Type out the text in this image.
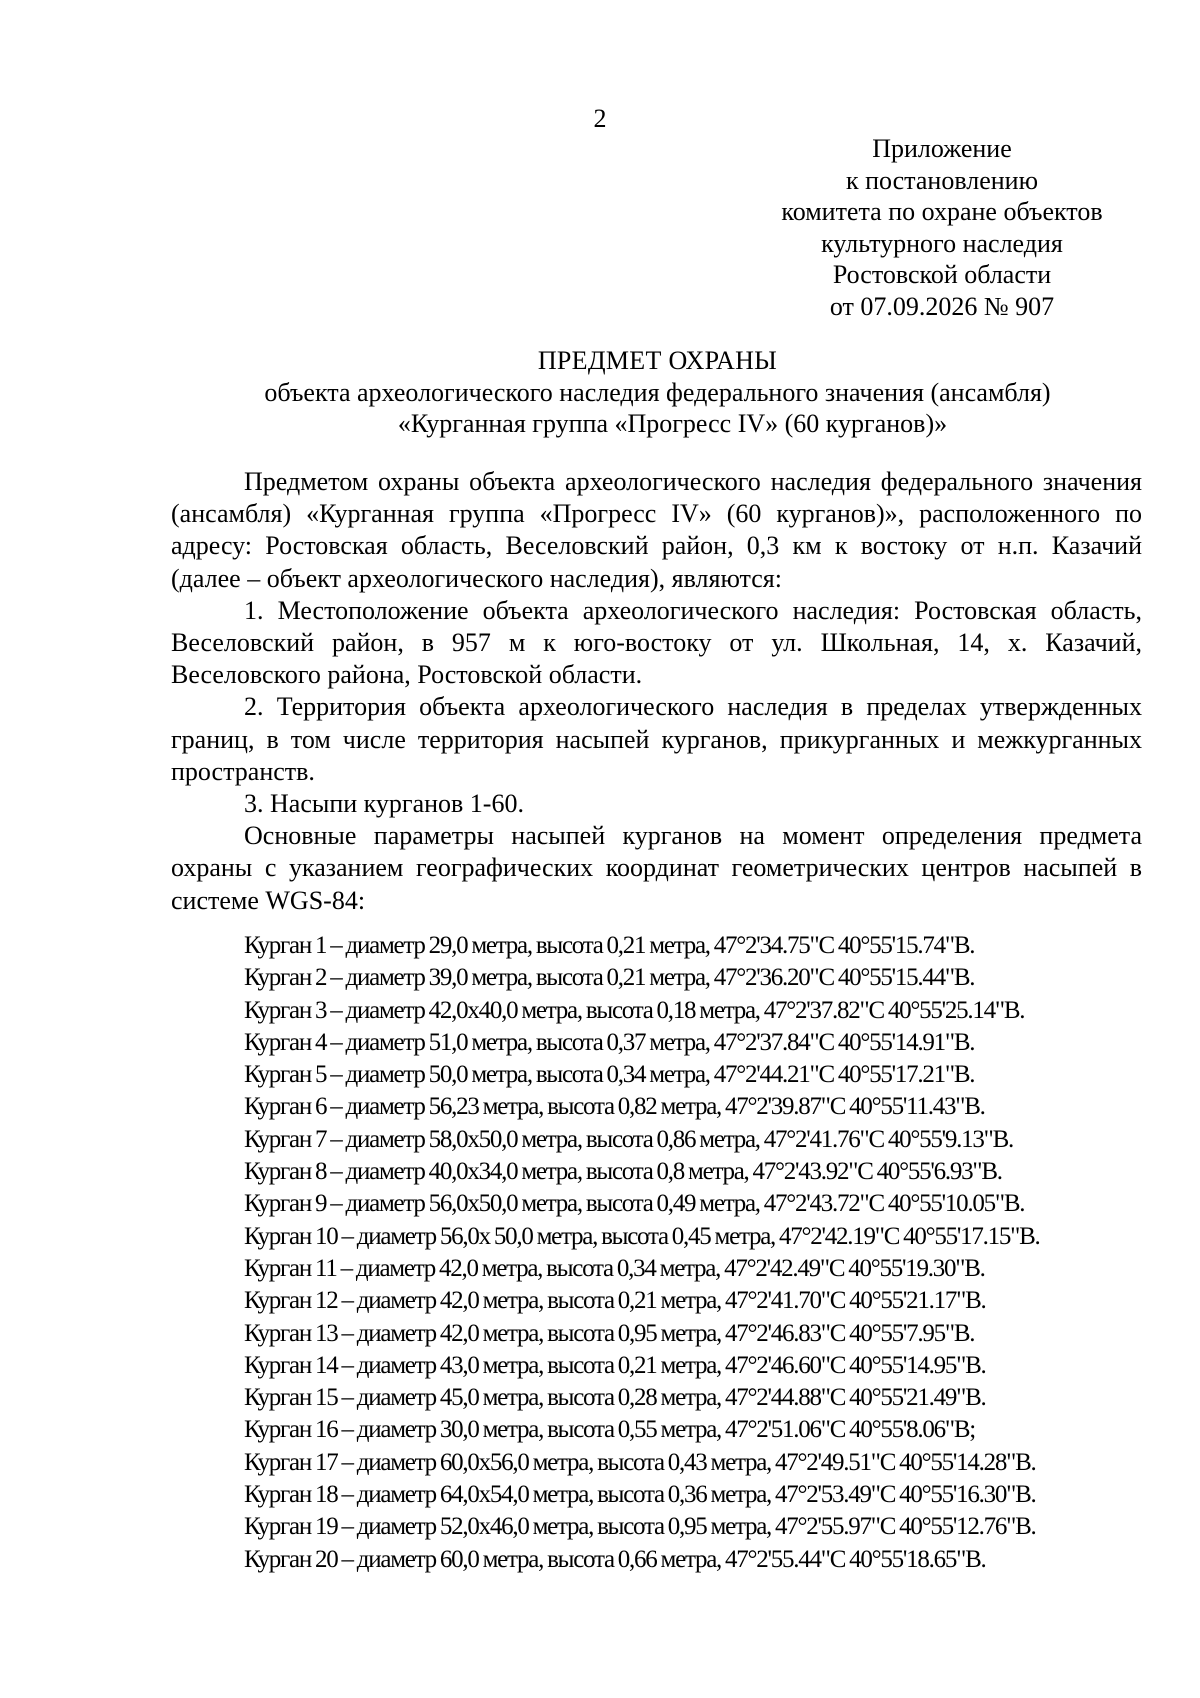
2
Приложение
к постановлению
комитета по охране объектов
культурного наследия
Ростовской области
от 07.09.2026 № 907
ПРЕДМЕТ ОХРАНЫ
объекта археологического наследия федерального значения (ансамбля)
«Курганная группа «Прогресс IV» (60 курганов)»

Предметом охраны объекта археологического наследия федерального значения (ансамбля) «Курганная группа «Прогресс IV» (60 курганов)», расположенного по адресу: Ростовская область, Веселовский район, 0,3 км к востоку от н.п. Казачий (далее – объект археологического наследия), являются:

1. Местоположение объекта археологического наследия: Ростовская область, Веселовский район, в 957 м к юго-востоку от ул. Школьная, 14, х. Казачий, Веселовского района, Ростовской области.

2. Территория объекта археологического наследия в пределах утвержденных границ, в том числе территория насыпей курганов, прикурганных и межкурганных пространств.

3. Насыпи курганов 1-60.

Основные параметры насыпей курганов на момент определения предмета охраны с указанием географических координат геометрических центров насыпей в системе WGS-84:

Курган 1 – диаметр 29,0 метра, высота 0,21 метра, 47°2'34.75"С 40°55'15.74"В.
Курган 2 – диаметр 39,0 метра, высота 0,21 метра, 47°2'36.20"С 40°55'15.44"В.
Курган 3 – диаметр 42,0х40,0 метра, высота 0,18 метра, 47°2'37.82"С 40°55'25.14"В.
Курган 4 – диаметр 51,0 метра, высота 0,37 метра, 47°2'37.84"С 40°55'14.91"В.
Курган 5 – диаметр 50,0 метра, высота 0,34 метра, 47°2'44.21"С 40°55'17.21"В.
Курган 6 – диаметр 56,23 метра, высота 0,82 метра, 47°2'39.87"С 40°55'11.43"В.
Курган 7 – диаметр 58,0х50,0 метра, высота 0,86 метра, 47°2'41.76"С 40°55'9.13"В.
Курган 8 – диаметр 40,0х34,0 метра, высота 0,8 метра, 47°2'43.92"С 40°55'6.93"В.
Курган 9 – диаметр 56,0х50,0 метра, высота 0,49 метра, 47°2'43.72"С 40°55'10.05"В.
Курган 10 – диаметр 56,0х 50,0 метра, высота 0,45 метра, 47°2'42.19"С 40°55'17.15"В.
Курган 11 – диаметр 42,0 метра, высота 0,34 метра, 47°2'42.49"С 40°55'19.30"В.
Курган 12 – диаметр 42,0 метра, высота 0,21 метра, 47°2'41.70"С 40°55'21.17"В.
Курган 13 – диаметр 42,0 метра, высота 0,95 метра, 47°2'46.83"С 40°55'7.95"В.
Курган 14 – диаметр 43,0 метра, высота 0,21 метра, 47°2'46.60"С 40°55'14.95"В.
Курган 15 – диаметр 45,0 метра, высота 0,28 метра, 47°2'44.88"С 40°55'21.49"В.
Курган 16 – диаметр 30,0 метра, высота 0,55 метра, 47°2'51.06"С 40°55'8.06"В;
Курган 17 – диаметр 60,0х56,0 метра, высота 0,43 метра, 47°2'49.51"С 40°55'14.28"В.
Курган 18 – диаметр 64,0х54,0 метра, высота 0,36 метра, 47°2'53.49"С 40°55'16.30"В.
Курган 19 – диаметр 52,0х46,0 метра, высота 0,95 метра, 47°2'55.97"С 40°55'12.76"В.
Курган 20 – диаметр 60,0 метра, высота 0,66 метра, 47°2'55.44"С 40°55'18.65"В.
